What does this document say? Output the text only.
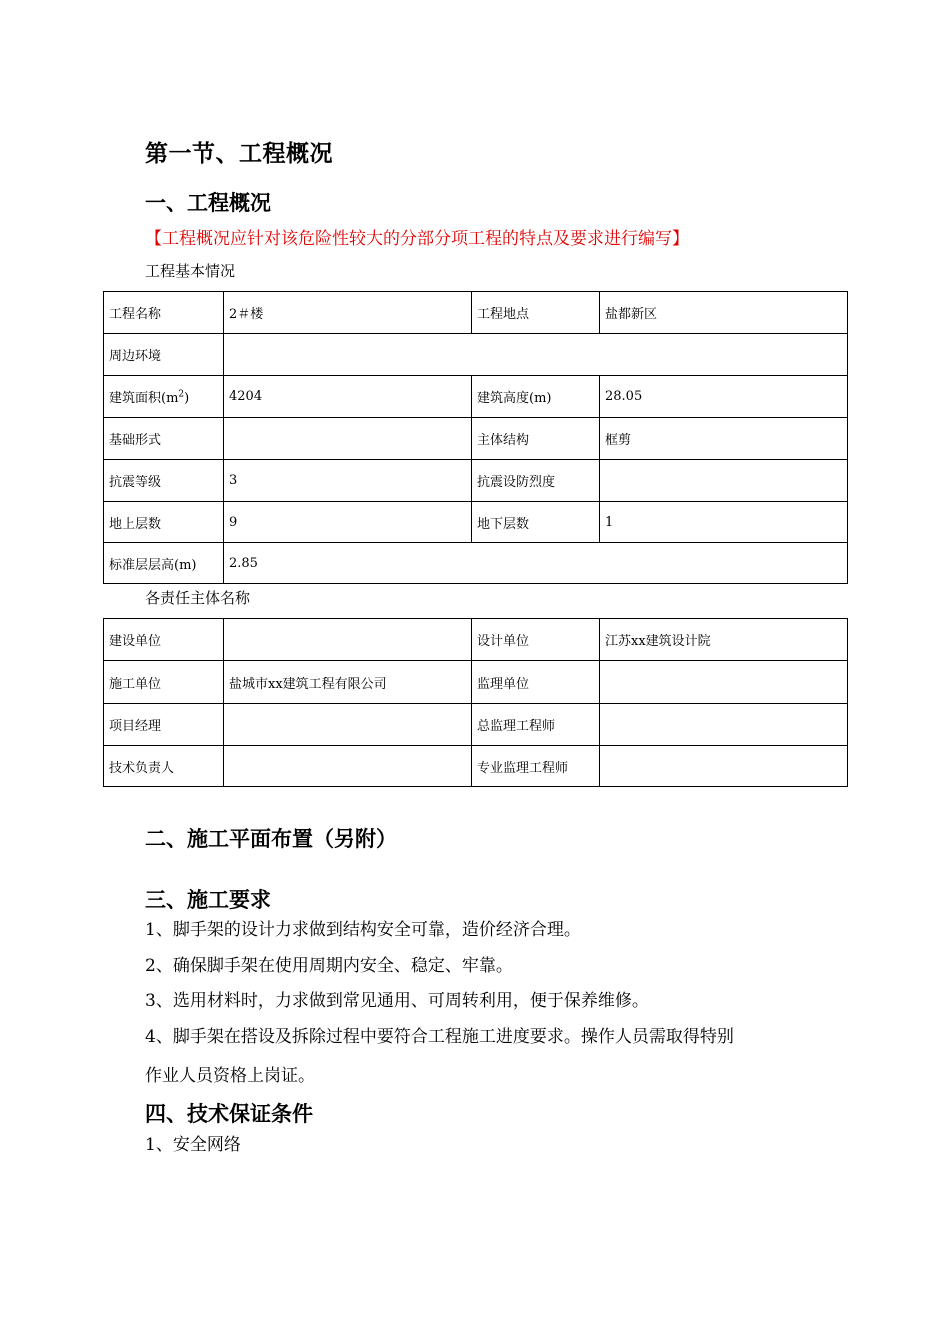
第一节、工程概况
一、工程概况
【工程概况应针对该危险性较大的分部分项工程的特点及要求进行编写】
工程基本情况
工程名称	2＃楼	工程地点	盐都新区
周边环境			
建筑面积$(m^2)$	4204	建筑高度(m)	28.05
基础形式		主体结构	框剪
抗震等级	3	抗震设防烈度	
地上层数	9	地下层数	1
标准层层高(m)	2.85		
各责任主体名称
建设单位		设计单位	江苏xx建筑设计院
施工单位	盐城市xx建筑工程有限公司	监理单位	
项目经理		总监理工程师	
技术负责人		专业监理工程师	
二、施工平面布置（另附）
三、施工要求
1、脚手架的设计力求做到结构安全可靠，造价经济合理。
2、确保脚手架在使用周期内安全、稳定、牢靠。
3、选用材料时，力求做到常见通用、可周转利用，便于保养维修。
4、脚手架在搭设及拆除过程中要符合工程施工进度要求。操作人员需取得特别
作业人员资格上岗证。
四、技术保证条件
1、安全网络
